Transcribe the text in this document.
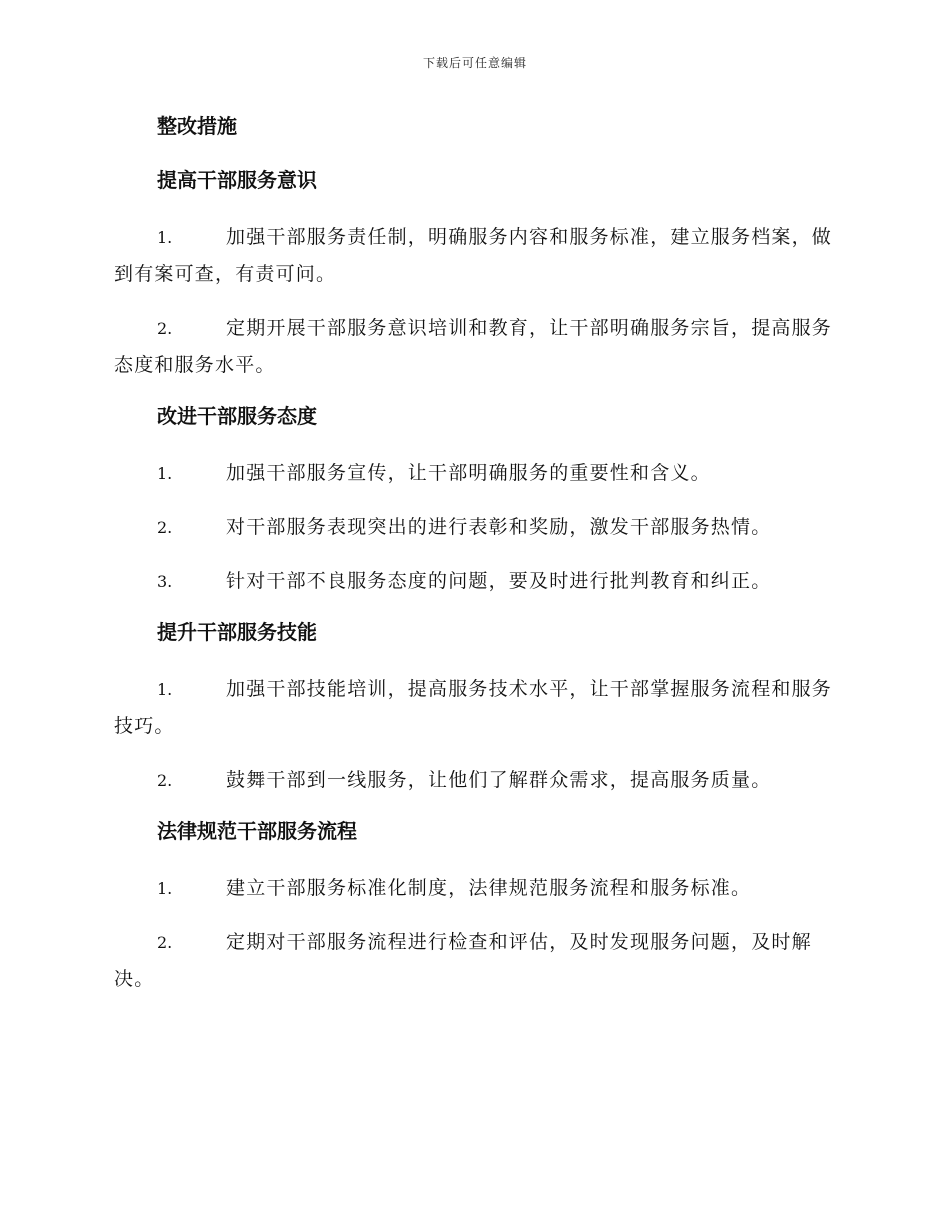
下载后可任意编辑
整改措施
提高干部服务意识

1.	加强干部服务责任制，明确服务内容和服务标准，建立服务档案，做到有案可查，有责可问。

2.	定期开展干部服务意识培训和教育，让干部明确服务宗旨，提高服务态度和服务水平。

改进干部服务态度

1.	加强干部服务宣传，让干部明确服务的重要性和含义。

2.	对干部服务表现突出的进行表彰和奖励，激发干部服务热情。

3.	针对干部不良服务态度的问题，要及时进行批判教育和纠正。

提升干部服务技能

1.	加强干部技能培训，提高服务技术水平，让干部掌握服务流程和服务技巧。

2.	鼓舞干部到一线服务，让他们了解群众需求，提高服务质量。

法律规范干部服务流程

1.	建立干部服务标准化制度，法律规范服务流程和服务标准。

2.	定期对干部服务流程进行检查和评估，及时发现服务问题，及时解决。
